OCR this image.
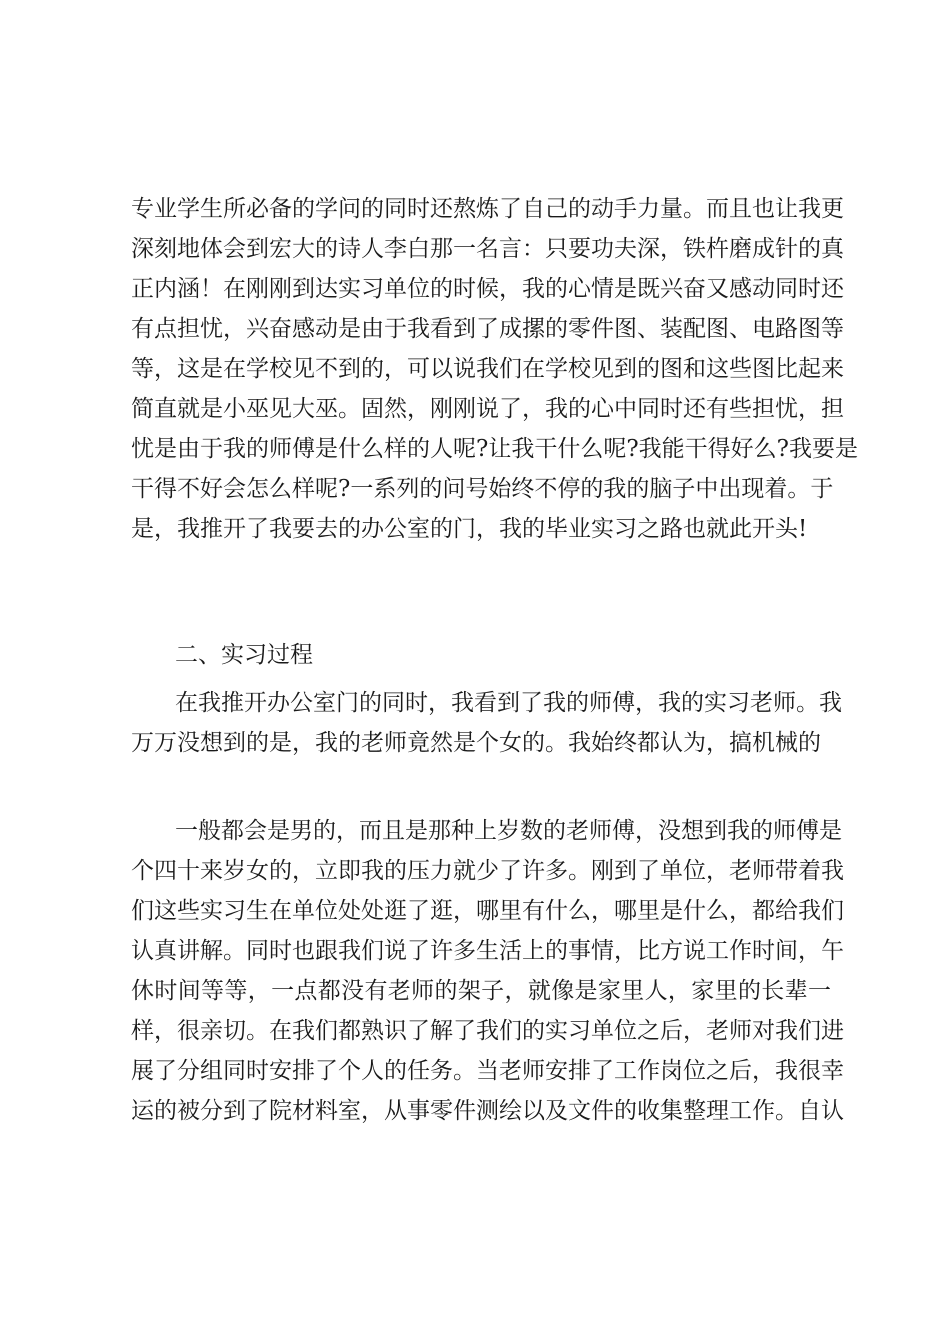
专业学生所必备的学问的同时还熬炼了自己的动手力量。而且也让我更
深刻地体会到宏大的诗人李白那一名言：只要功夫深，铁杵磨成针的真
正内涵！在刚刚到达实习单位的时候，我的心情是既兴奋又感动同时还
有点担忧，兴奋感动是由于我看到了成摞的零件图、装配图、电路图等
等，这是在学校见不到的，可以说我们在学校见到的图和这些图比起来
简直就是小巫见大巫。固然，刚刚说了，我的心中同时还有些担忧，担
忧是由于我的师傅是什么样的人呢?让我干什么呢?我能干得好么?我要是
干得不好会怎么样呢?一系列的问号始终不停的我的脑子中出现着。于
是，我推开了我要去的办公室的门，我的毕业实习之路也就此开头!
二、实习过程
在我推开办公室门的同时，我看到了我的师傅，我的实习老师。我
万万没想到的是，我的老师竟然是个女的。我始终都认为，搞机械的
一般都会是男的，而且是那种上岁数的老师傅，没想到我的师傅是
个四十来岁女的，立即我的压力就少了许多。刚到了单位，老师带着我
们这些实习生在单位处处逛了逛，哪里有什么，哪里是什么，都给我们
认真讲解。同时也跟我们说了许多生活上的事情，比方说工作时间，午
休时间等等，一点都没有老师的架子，就像是家里人，家里的长辈一
样，很亲切。在我们都熟识了解了我们的实习单位之后，老师对我们进
展了分组同时安排了个人的任务。当老师安排了工作岗位之后，我很幸
运的被分到了院材料室，从事零件测绘以及文件的收集整理工作。自认
